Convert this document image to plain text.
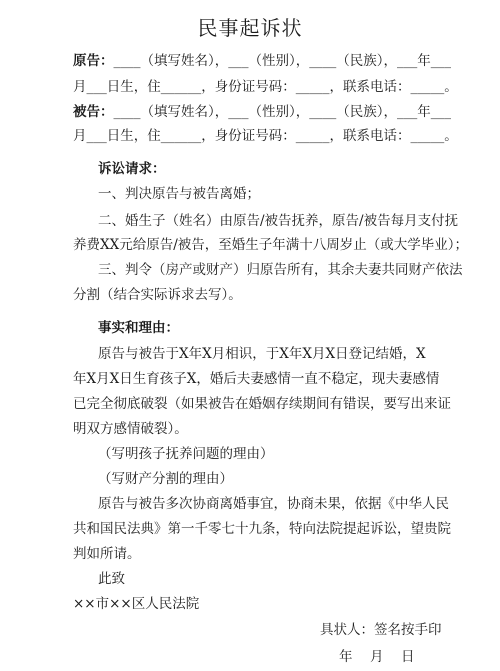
民事起诉状
原告：____（填写姓名），___（性别），____（民族），___年___
月___日生，住______，身份证号码：_____，联系电话：_____。
被告：____（填写姓名），___（性别），____（民族），___年___
月___日生，住______，身份证号码：_____，联系电话：_____。
诉讼请求：
一、判决原告与被告离婚；
二、婚生子（姓名）由原告/被告抚养，原告/被告每月支付抚
养费XX元给原告/被告，至婚生子年满十八周岁止（或大学毕业）；
三、判令（房产或财产）归原告所有，其余夫妻共同财产依法
分割（结合实际诉求去写）。
事实和理由：
原告与被告于X年X月相识，于X年X月X日登记结婚，X
年X月X日生育孩子X，婚后夫妻感情一直不稳定，现夫妻感情
已完全彻底破裂（如果被告在婚姻存续期间有错误，要写出来证
明双方感情破裂）。
（写明孩子抚养问题的理由）
（写财产分割的理由）
原告与被告多次协商离婚事宜，协商未果，依据《中华人民
共和国民法典》第一千零七十九条，特向法院提起诉讼，望贵院
判如所请。
此致
××市××区人民法院
具状人：签名按手印
年　月　日
